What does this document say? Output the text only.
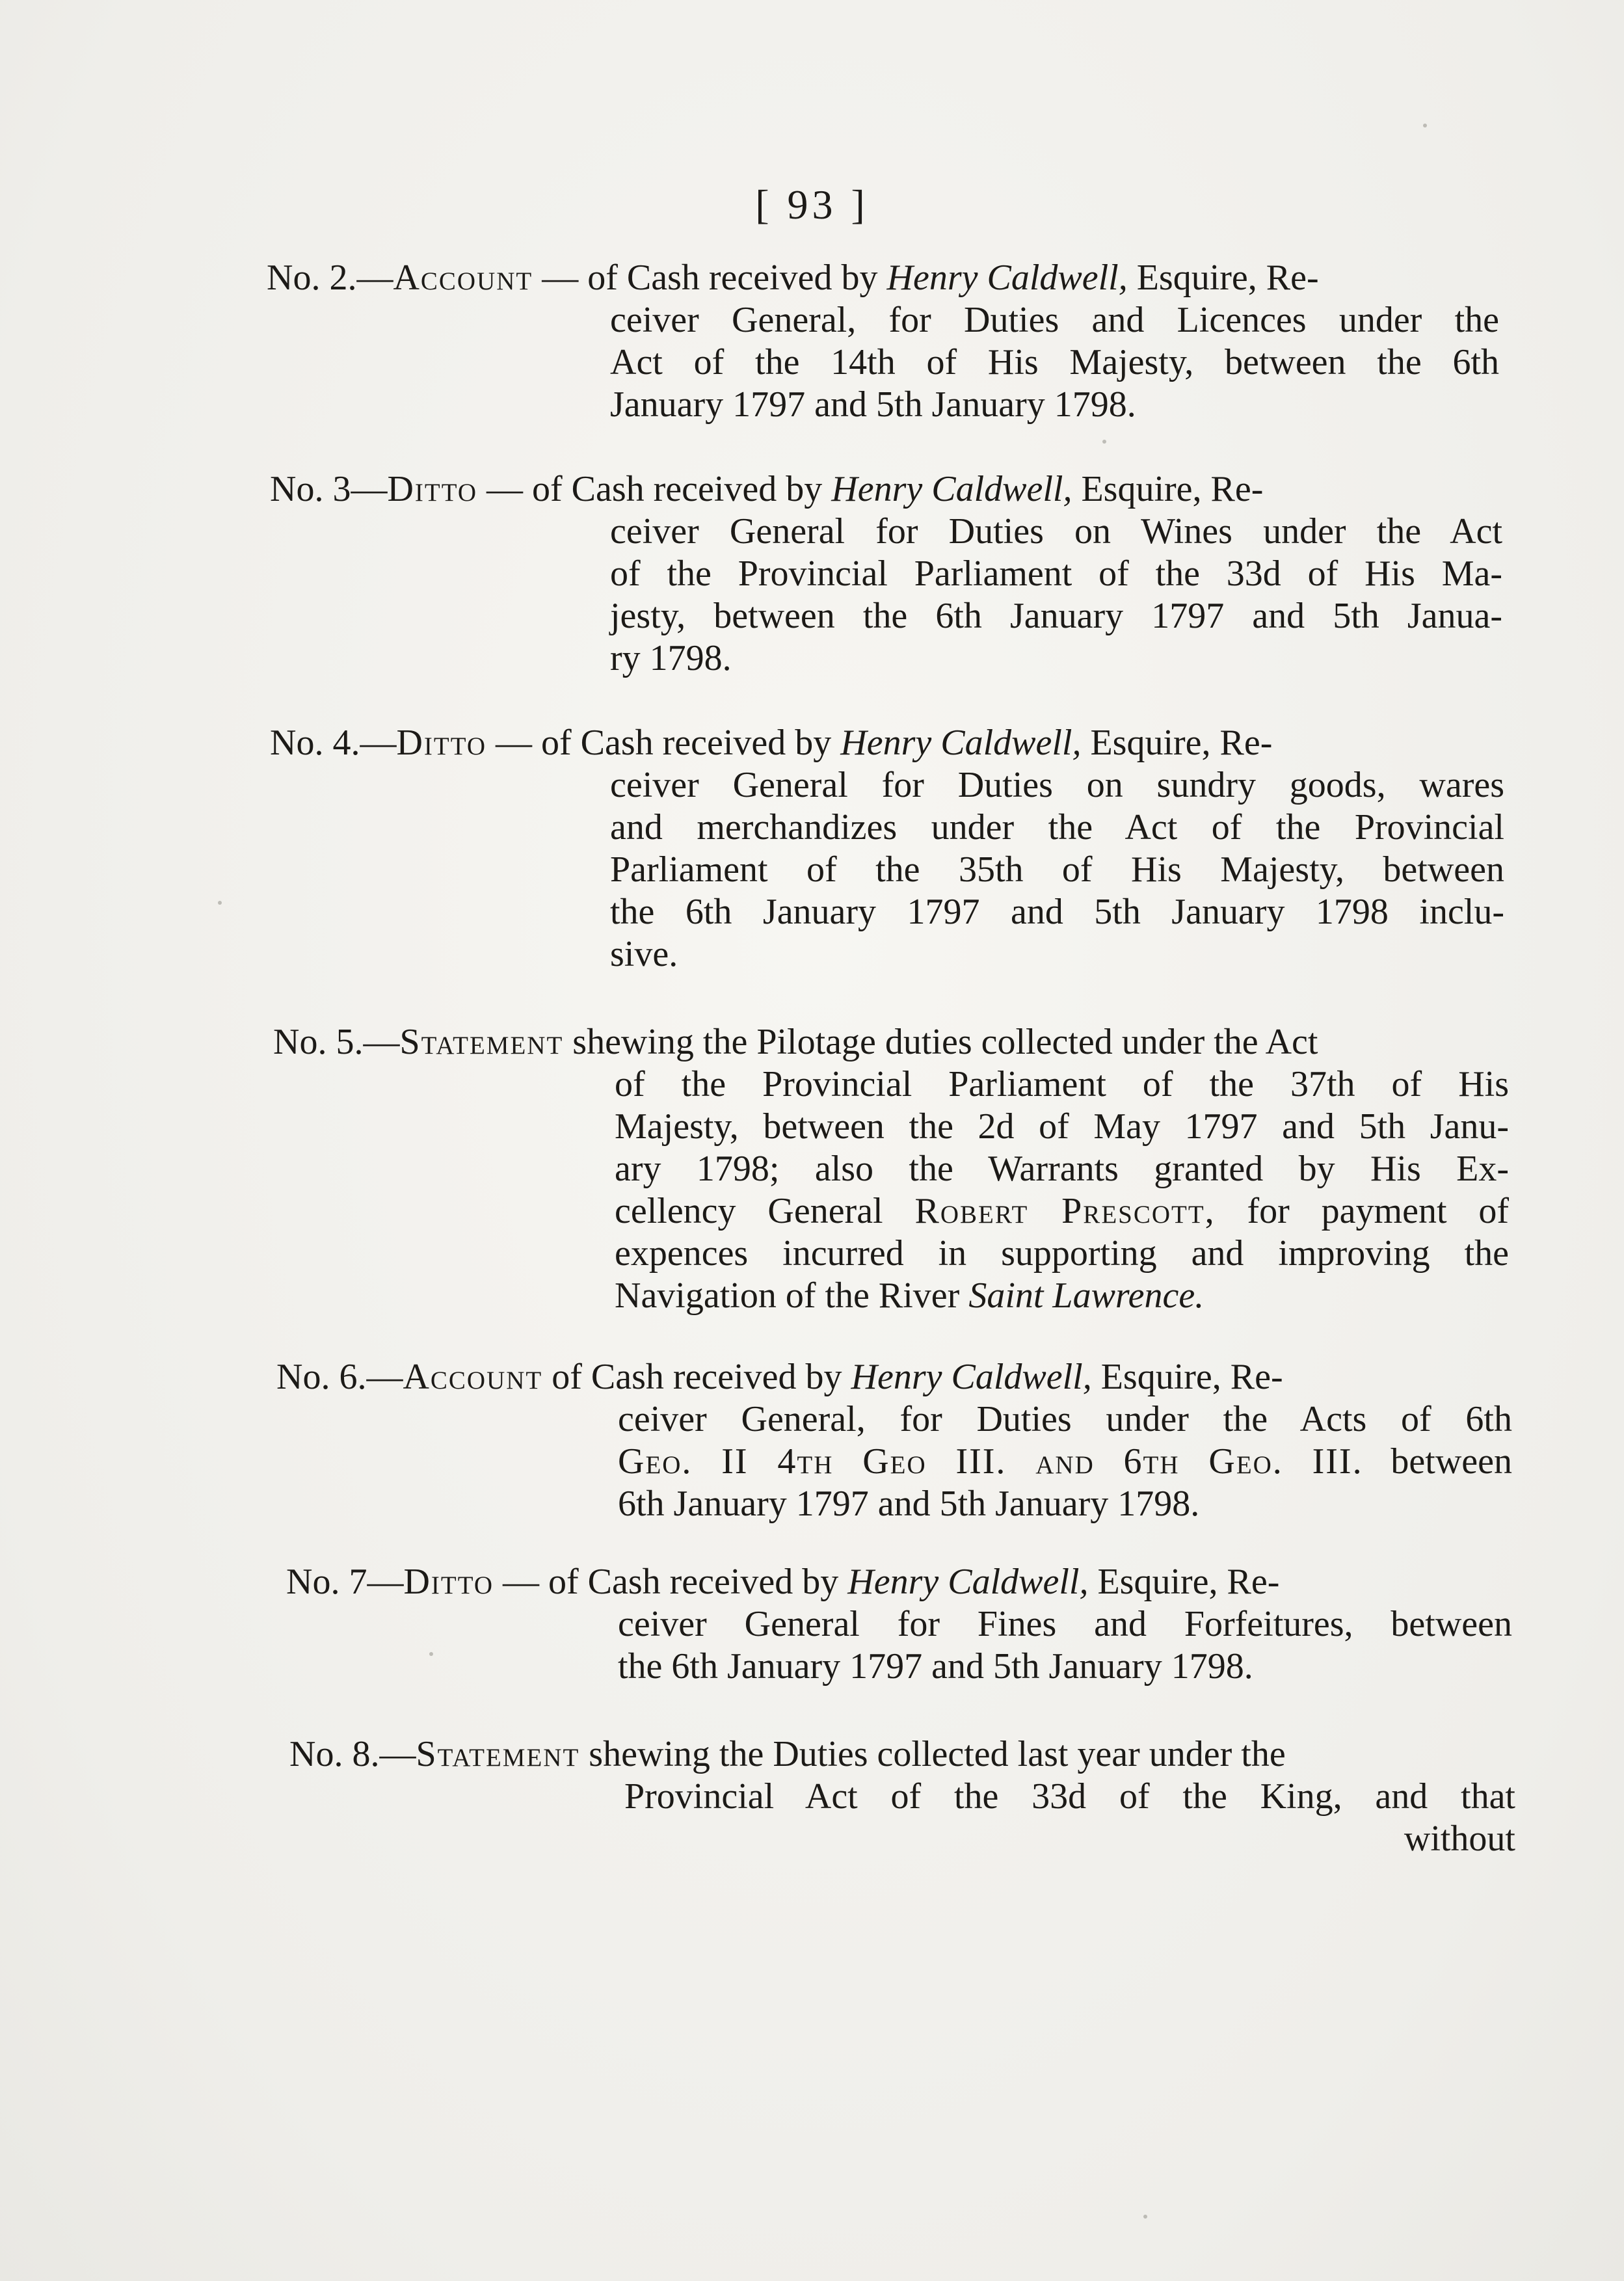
[ 93 ]
No. 2.—Account — of Cash received by Henry Caldwell, Esquire, Re-
ceiver General, for Duties and Licences under the
Act of the 14th of His Majesty, between the 6th
January 1797 and 5th January 1798.
No. 3—Ditto — of Cash received by Henry Caldwell, Esquire, Re-
ceiver General for Duties on Wines under the Act
of the Provincial Parliament of the 33d of His Ma-
jesty, between the 6th January 1797 and 5th Janua-
ry 1798.
No. 4.—Ditto — of Cash received by Henry Caldwell, Esquire, Re-
ceiver General for Duties on sundry goods, wares
and merchandizes under the Act of the Provincial
Parliament of the 35th of His Majesty, between
the 6th January 1797 and 5th January 1798 inclu-
sive.
No. 5.—Statement shewing the Pilotage duties collected under the Act
of the Provincial Parliament of the 37th of His
Majesty, between the 2d of May 1797 and 5th Janu-
ary 1798; also the Warrants granted by His Ex-
cellency General Robert Prescott, for payment of
expences incurred in supporting and improving the
Navigation of the River Saint Lawrence.
No. 6.—Account of Cash received by Henry Caldwell, Esquire, Re-
ceiver General, for Duties under the Acts of 6th
Geo. II 4th Geo III. and 6th Geo. III. between
6th January 1797 and 5th January 1798.
No. 7—Ditto — of Cash received by Henry Caldwell, Esquire, Re-
ceiver General for Fines and Forfeitures, between
the 6th January 1797 and 5th January 1798.
No. 8.—Statement shewing the Duties collected last year under the
Provincial Act of the 33d of the King, and that
without
